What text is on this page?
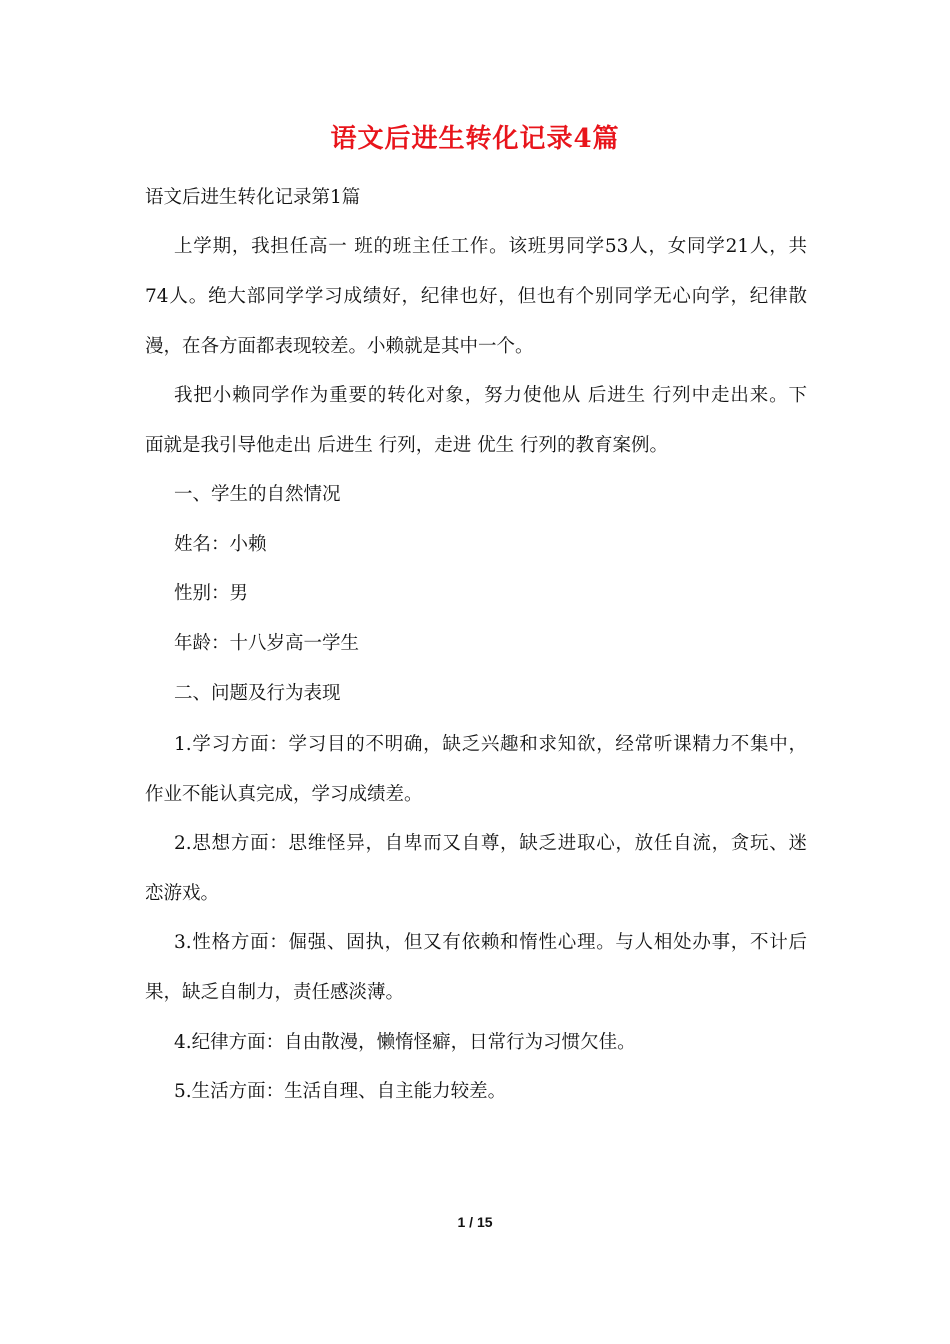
语文后进生转化记录4篇
语文后进生转化记录第1篇
上学期，我担任高一 班的班主任工作。该班男同学53人，女同学21人，共
74人。绝大部同学学习成绩好，纪律也好，但也有个别同学无心向学，纪律散
漫，在各方面都表现较差。小赖就是其中一个。
我把小赖同学作为重要的转化对象，努力使他从 后进生 行列中走出来。下
面就是我引导他走出 后进生 行列，走进 优生 行列的教育案例。
一、学生的自然情况
姓名：小赖
性别：男
年龄：十八岁高一学生
二、问题及行为表现
1.学习方面：学习目的不明确，缺乏兴趣和求知欲，经常听课精力不集中，
作业不能认真完成，学习成绩差。
2.思想方面：思维怪异，自卑而又自尊，缺乏进取心，放任自流，贪玩、迷
恋游戏。
3.性格方面：倔强、固执，但又有依赖和惰性心理。与人相处办事，不计后
果，缺乏自制力，责任感淡薄。
4.纪律方面：自由散漫，懒惰怪癖，日常行为习惯欠佳。
5.生活方面：生活自理、自主能力较差。
1 / 15
